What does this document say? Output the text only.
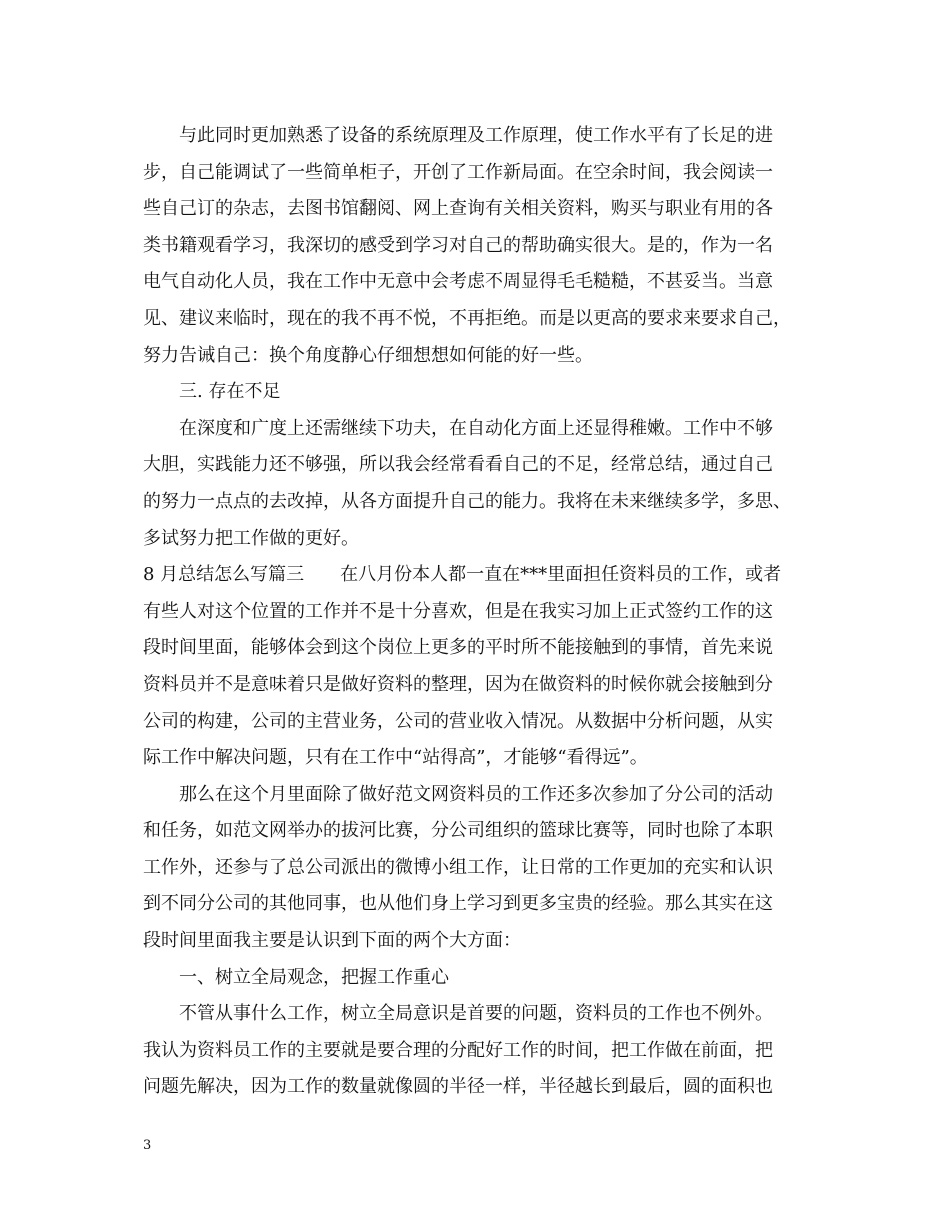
与此同时更加熟悉了设备的系统原理及工作原理，使工作水平有了长足的进
步，自己能调试了一些简单柜子，开创了工作新局面。在空余时间，我会阅读一
些自己订的杂志，去图书馆翻阅、网上查询有关相关资料，购买与职业有用的各
类书籍观看学习，我深切的感受到学习对自己的帮助确实很大。是的，作为一名
电气自动化人员，我在工作中无意中会考虑不周显得毛毛糙糙，不甚妥当。当意
见、建议来临时，现在的我不再不悦，不再拒绝。而是以更高的要求来要求自己，
努力告诫自己：换个角度静心仔细想想如何能的好一些。
三. 存在不足
在深度和广度上还需继续下功夫，在自动化方面上还显得稚嫩。工作中不够
大胆，实践能力还不够强，所以我会经常看看自己的不足，经常总结，通过自己
的努力一点点的去改掉，从各方面提升自己的能力。我将在未来继续多学，多思、
多试努力把工作做的更好。
8 月总结怎么写篇三　　在八月份本人都一直在***里面担任资料员的工作，或者
有些人对这个位置的工作并不是十分喜欢，但是在我实习加上正式签约工作的这
段时间里面，能够体会到这个岗位上更多的平时所不能接触到的事情，首先来说
资料员并不是意味着只是做好资料的整理，因为在做资料的时候你就会接触到分
公司的构建，公司的主营业务，公司的营业收入情况。从数据中分析问题，从实
际工作中解决问题，只有在工作中“站得高”，才能够“看得远”。
那么在这个月里面除了做好范文网资料员的工作还多次参加了分公司的活动
和任务，如范文网举办的拔河比赛，分公司组织的篮球比赛等，同时也除了本职
工作外，还参与了总公司派出的微博小组工作，让日常的工作更加的充实和认识
到不同分公司的其他同事，也从他们身上学习到更多宝贵的经验。那么其实在这
段时间里面我主要是认识到下面的两个大方面：
一、树立全局观念，把握工作重心
不管从事什么工作，树立全局意识是首要的问题，资料员的工作也不例外。
我认为资料员工作的主要就是要合理的分配好工作的时间，把工作做在前面，把
问题先解决，因为工作的数量就像圆的半径一样，半径越长到最后，圆的面积也
3
